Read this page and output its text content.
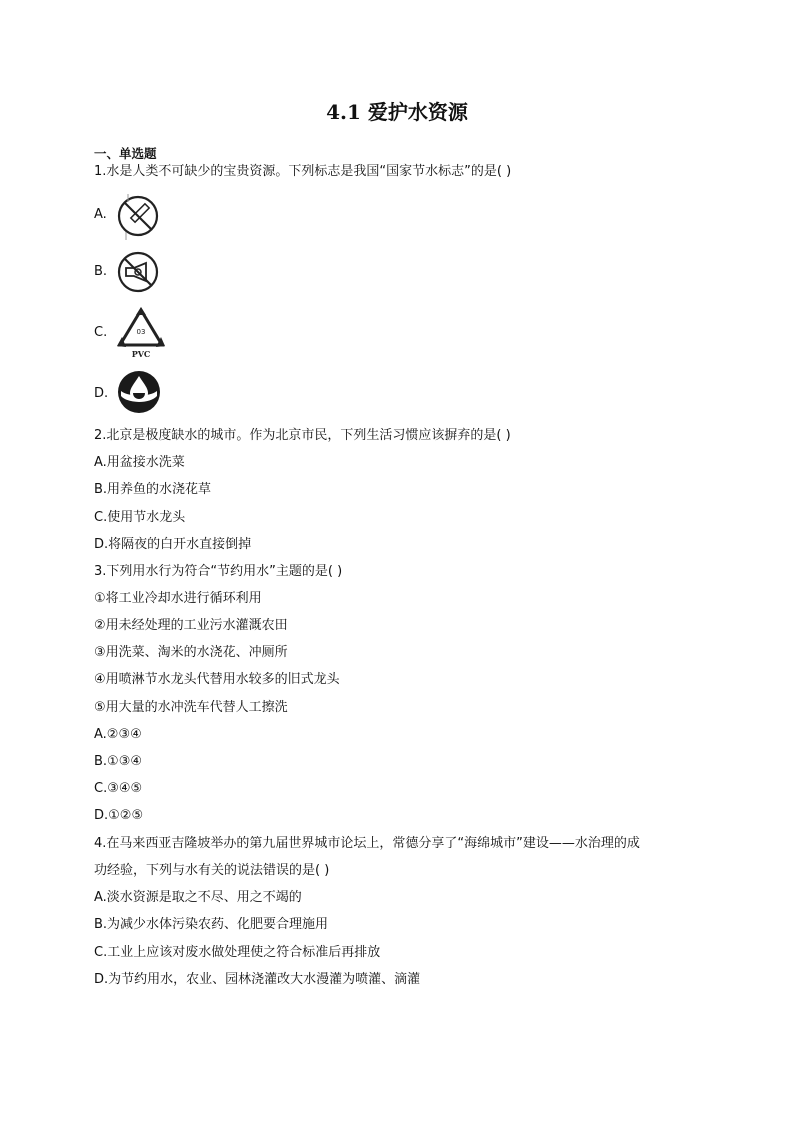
4.1 爱护水资源
一、单选题
1.水是人类不可缺少的宝贵资源。下列标志是我国“国家节水标志”的是( )
A.
B.
C.	03
PVC
D.
2.北京是极度缺水的城市。作为北京市民，下列生活习惯应该摒弃的是( )
A.用盆接水洗菜
B.用养鱼的水浇花草
C.使用节水龙头
D.将隔夜的白开水直接倒掉
3.下列用水行为符合“节约用水”主题的是( )
①将工业冷却水进行循环利用
②用未经处理的工业污水灌溉农田
③用洗菜、淘米的水浇花、冲厕所
④用喷淋节水龙头代替用水较多的旧式龙头
⑤用大量的水冲洗车代替人工擦洗
A.②③④
B.①③④
C.③④⑤
D.①②⑤
4.在马来西亚吉隆坡举办的第九届世界城市论坛上，常德分享了“海绵城市”建设——水治理的成
功经验，下列与水有关的说法错误的是( )
A.淡水资源是取之不尽、用之不竭的
B.为减少水体污染农药、化肥要合理施用
C.工业上应该对废水做处理使之符合标准后再排放
D.为节约用水，农业、园林浇灌改大水漫灌为喷灌、滴灌
